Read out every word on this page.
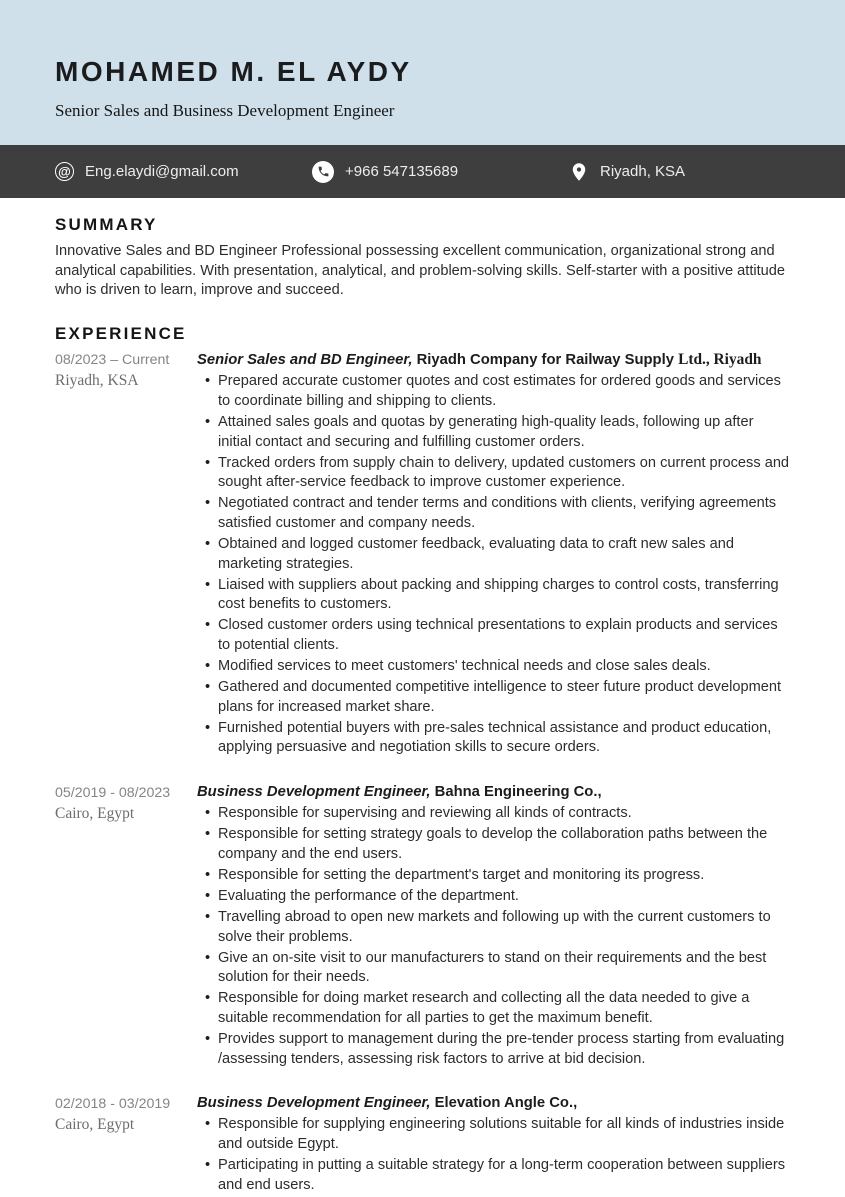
MOHAMED M. EL AYDY
Senior Sales and Business Development Engineer
@ Eng.elaydi@gmail.com	+966 547135689	Riyadh, KSA
SUMMARY

Innovative Sales and BD Engineer Professional possessing excellent communication, organizational strong and analytical capabilities. With presentation, analytical, and problem-solving skills. Self-starter with a positive attitude who is driven to learn, improve and succeed.

EXPERIENCE
08/2023 – Current
Riyadh, KSA
Senior Sales and BD Engineer, Riyadh Company for Railway Supply Ltd., Riyadh
• Prepared accurate customer quotes and cost estimates for ordered goods and services to coordinate billing and shipping to clients.
• Attained sales goals and quotas by generating high-quality leads, following up after initial contact and securing and fulfilling customer orders.
• Tracked orders from supply chain to delivery, updated customers on current process and sought after-service feedback to improve customer experience.
• Negotiated contract and tender terms and conditions with clients, verifying agreements satisfied customer and company needs.
• Obtained and logged customer feedback, evaluating data to craft new sales and marketing strategies.
• Liaised with suppliers about packing and shipping charges to control costs, transferring cost benefits to customers.
• Closed customer orders using technical presentations to explain products and services to potential clients.
• Modified services to meet customers' technical needs and close sales deals.
• Gathered and documented competitive intelligence to steer future product development plans for increased market share.
• Furnished potential buyers with pre-sales technical assistance and product education, applying persuasive and negotiation skills to secure orders.
05/2019 - 08/2023
Cairo, Egypt
Business Development Engineer, Bahna Engineering Co.,
• Responsible for supervising and reviewing all kinds of contracts.
• Responsible for setting strategy goals to develop the collaboration paths between the company and the end users.
• Responsible for setting the department's target and monitoring its progress.
• Evaluating the performance of the department.
• Travelling abroad to open new markets and following up with the current customers to solve their problems.
• Give an on-site visit to our manufacturers to stand on their requirements and the best solution for their needs.
• Responsible for doing market research and collecting all the data needed to give a suitable recommendation for all parties to get the maximum benefit.
• Provides support to management during the pre-tender process starting from evaluating /assessing tenders, assessing risk factors to arrive at bid decision.
02/2018 - 03/2019
Cairo, Egypt
Business Development Engineer, Elevation Angle Co.,
• Responsible for supplying engineering solutions suitable for all kinds of industries inside and outside Egypt.
• Participating in putting a suitable strategy for a long-term cooperation between suppliers and end users.
